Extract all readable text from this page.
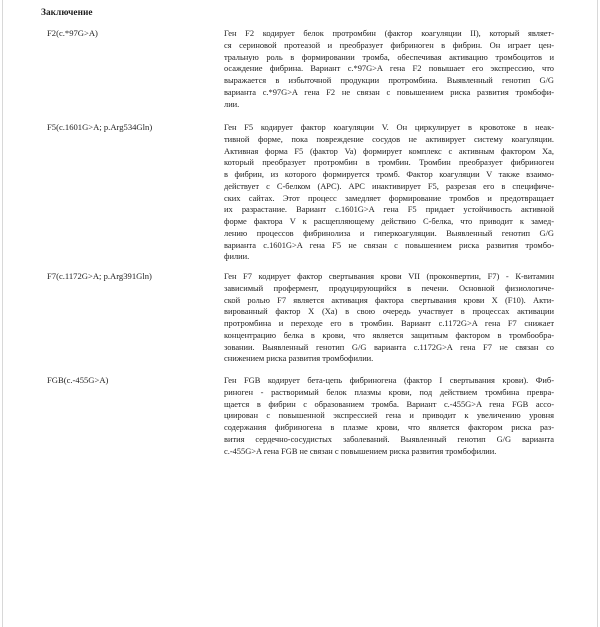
Заключение
F2(c.*97G>A)	Ген F2 кодирует белок протромбин (фактор коагуляции II), который являет-
ся сериновой протеазой и преобразует фибриноген в фибрин. Он играет цен-
тральную роль в формировании тромба, обеспечивая активацию тромбоцитов и
осаждение фибрина. Вариант c.*97G>A гена F2 повышает его экспрессию, что
выражается в избыточной продукции протромбина. Выявленный генотип G/G
варианта c.*97G>A гена F2 не связан с повышением риска развития тромбофи-
лии.
F5(c.1601G>A; p.Arg534Gln)	Ген F5 кодирует фактор коагуляции V. Он циркулирует в кровотоке в неак-
тивной форме, пока повреждение сосудов не активирует систему коагуляции.
Активная форма F5 (фактор Va) формирует комплекс с активным фактором Xa,
который преобразует протромбин в тромбин. Тромбин преобразует фибриноген
в фибрин, из которого формируется тромб. Фактор коагуляции V также взаимо-
действует с С-белком (APC). APC инактивирует F5, разрезая его в специфиче-
ских сайтах. Этот процесс замедляет формирование тромбов и предотвращает
их разрастание. Вариант c.1601G>A гена F5 придает устойчивость активной
форме фактора V к расщепляющему действию С-белка, что приводит к замед-
лению процессов фибринолиза и гиперкоагуляции. Выявленный генотип G/G
варианта c.1601G>A гена F5 не связан с повышением риска развития тромбо-
филии.
F7(c.1172G>A; p.Arg391Gln)	Ген F7 кодирует фактор свертывания крови VII (проконвертин, F7) - К-витамин
зависимый профермент, продуцирующийся в печени. Основной физиологиче-
ской ролью F7 является активация фактора свертывания крови X (F10). Акти-
вированный фактор X (Xa) в свою очередь участвует в процессах активации
протромбина и переходе его в тромбин. Вариант c.1172G>A гена F7 снижает
концентрацию белка в крови, что является защитным фактором в тромбообра-
зовании. Выявленный генотип G/G варианта c.1172G>A гена F7 не связан со
снижением риска развития тромбофилии.
FGB(c.-455G>A)	Ген FGB кодирует бета-цепь фибриногена (фактор I свертывания крови). Фиб-
риноген - растворимый белок плазмы крови, под действием тромбина превра-
щается в фибрин с образованием тромба. Вариант c.-455G>A гена FGB ассо-
циирован с повышенной экспрессией гена и приводит к увеличению уровня
содержания фибриногена в плазме крови, что является фактором риска раз-
вития сердечно-сосудистых заболеваний. Выявленный генотип G/G варианта
c.-455G>A гена FGB не связан с повышением риска развития тромбофилии.
